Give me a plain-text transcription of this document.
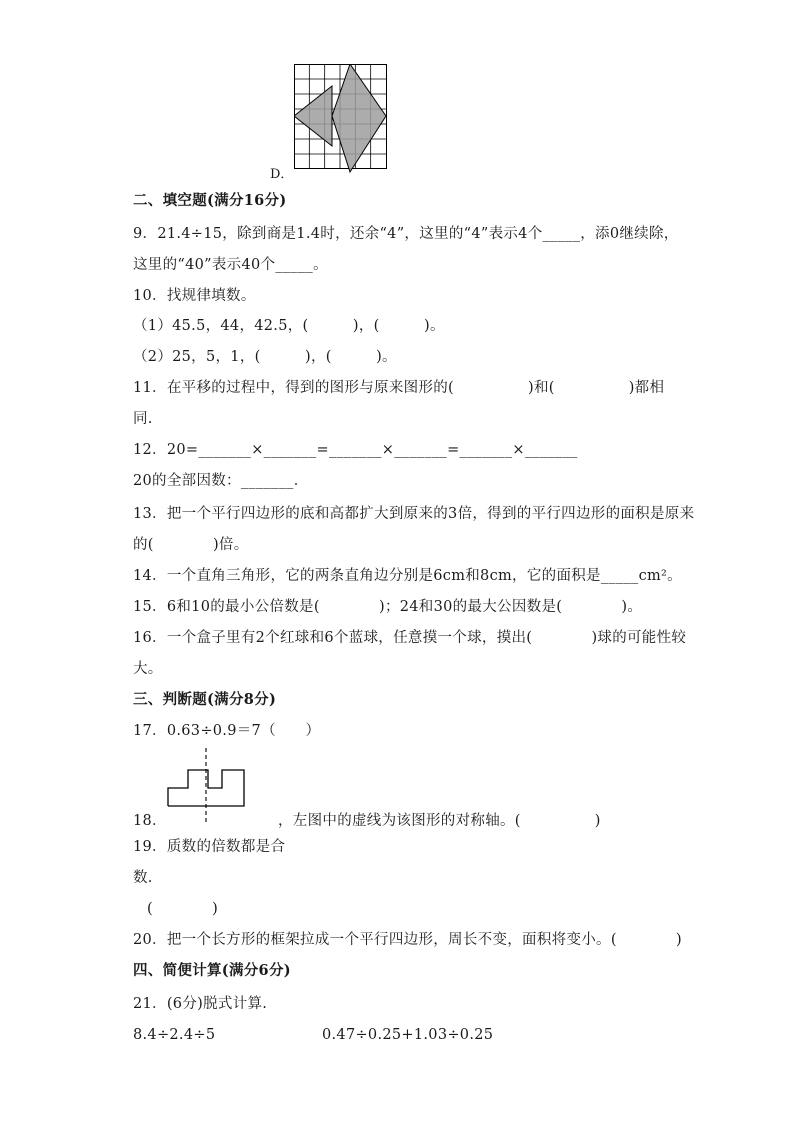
D．
二、填空题(满分16分)
9．21.4÷15，除到商是1.4时，还余“4”，这里的“4”表示4个_____，添0继续除，
这里的“40”表示40个_____。
10．找规律填数。
（1）45.5，44，42.5，(　　　)，(　　　)。
（2）25，5，1，(　　　)，(　　　)。
11．在平移的过程中，得到的图形与原来图形的(　　　　　)和(　　　　　)都相
同.
12．20=_______×_______=_______×_______=_______×_______
20的全部因数：_______．
13．把一个平行四边形的底和高都扩大到原来的3倍，得到的平行四边形的面积是原来
的(　　　　)倍。
14．一个直角三角形，它的两条直角边分别是6cm和8cm，它的面积是_____cm²。
15．6和10的最小公倍数是(　　　　)；24和30的最大公因数是(　　　　)。
16．一个盒子里有2个红球和6个蓝球，任意摸一个球，摸出(　　　　)球的可能性较
大。
三、判断题(满分8分)
17．0.63÷0.9＝7（　　）
18．　　　　　　　　，左图中的虚线为该图形的对称轴。(　　　　　)
19．质数的倍数都是合
数.
(　　　　)
20．把一个长方形的框架拉成一个平行四边形，周长不变，面积将变小。(　　　　)
四、简便计算(满分6分)
21．(6分)脱式计算.
8.4÷2.4÷5	0.47÷0.25+1.03÷0.25
